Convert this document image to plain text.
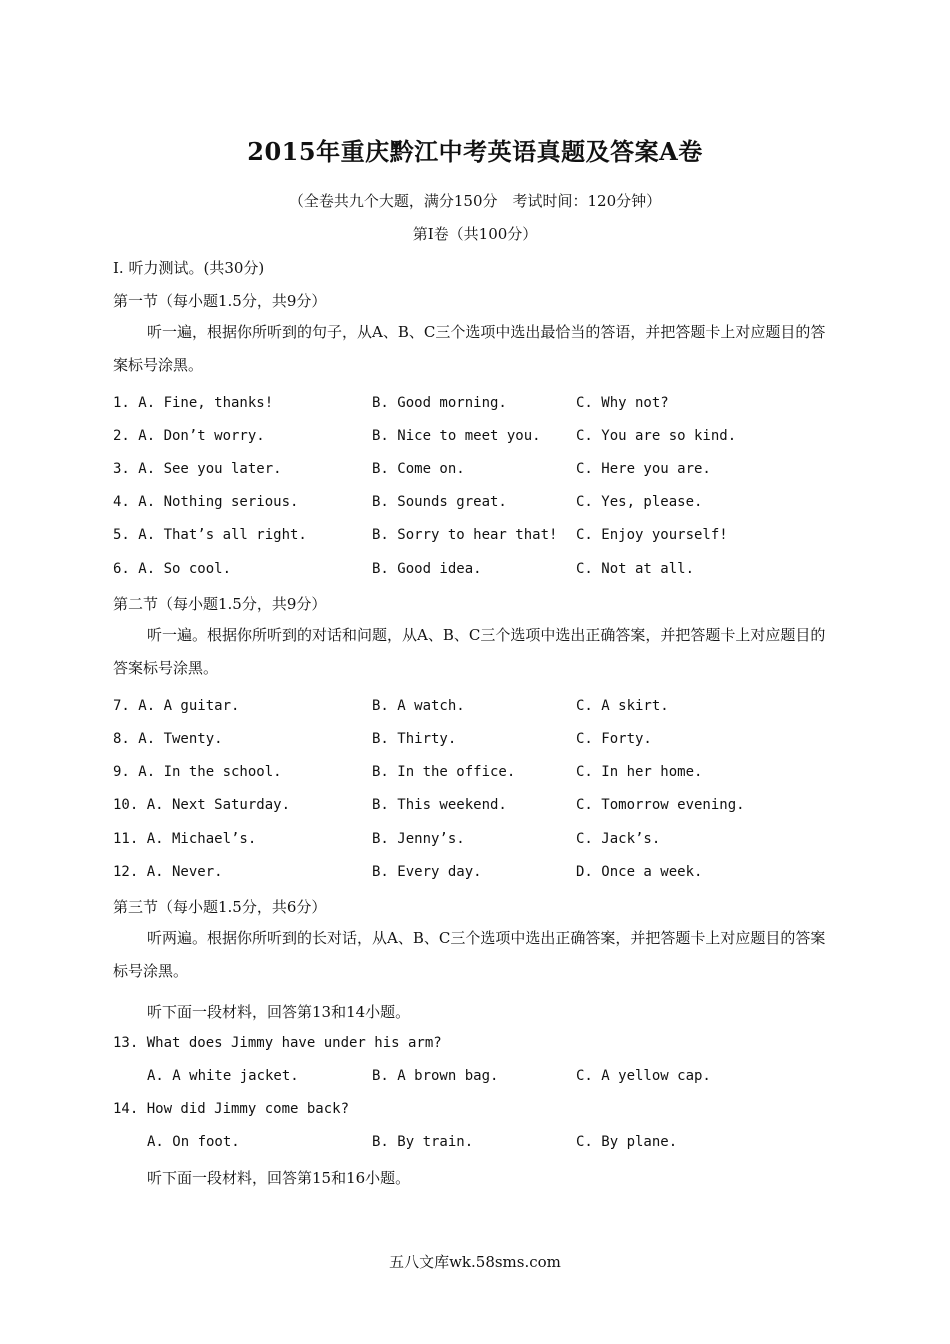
2015年重庆黔江中考英语真题及答案A卷
（全卷共九个大题，满分150分　考试时间：120分钟）
第I卷（共100分）
I. 听力测试。(共30分)
第一节（每小题1.5分，共9分）
听一遍，根据你所听到的句子，从A、B、C三个选项中选出最恰当的答语，并把答题卡上对应题目的答案标号涂黑。
1. A. Fine, thanks!	B. Good morning.	C. Why not?
2. A. Don’t worry.	B. Nice to meet you.	C. You are so kind.
3. A. See you later.	B. Come on.	C. Here you are.
4. A. Nothing serious.	B. Sounds great.	C. Yes, please.
5. A. That’s all right.	B. Sorry to hear that! C. Enjoy yourself!
6. A. So cool.	B. Good idea.	C. Not at all.
第二节（每小题1.5分，共9分）
听一遍。根据你所听到的对话和问题，从A、B、C三个选项中选出正确答案，并把答题卡上对应题目的答案标号涂黑。
7. A. A guitar.	B. A watch.	C. A skirt.
8. A. Twenty.	B. Thirty.	C. Forty.
9. A. In the school.	B. In the office.	C. In her home.
10. A. Next Saturday.	B. This weekend.	C. Tomorrow evening.
11. A. Michael’s.	B. Jenny’s.	C. Jack’s.
12. A. Never.	B. Every day.	D. Once a week.
第三节（每小题1.5分，共6分）
听两遍。根据你所听到的长对话，从A、B、C三个选项中选出正确答案，并把答题卡上对应题目的答案标号涂黑。
听下面一段材料，回答第13和14小题。
13. What does Jimmy have under his arm?
A. A white jacket.	B. A brown bag.	C. A yellow cap.
14. How did Jimmy come back?
A. On foot.	B. By train.	C. By plane.
听下面一段材料，回答第15和16小题。
五八文库wk.58sms.com
